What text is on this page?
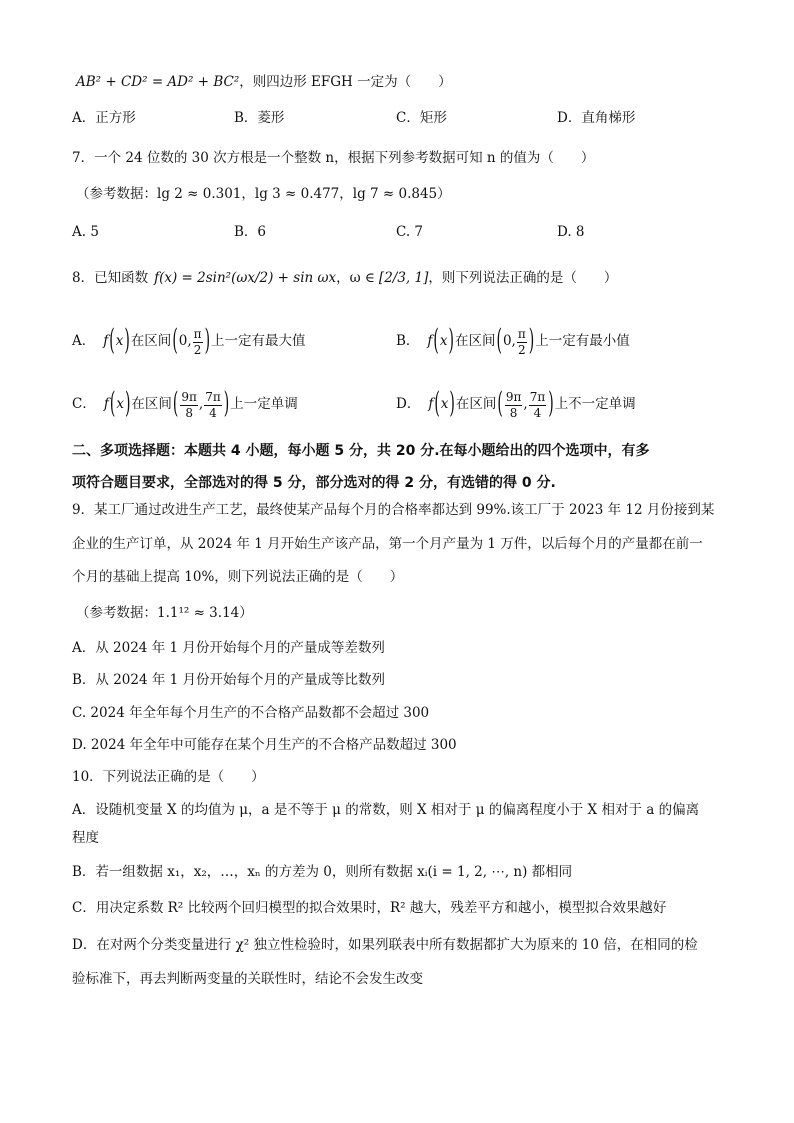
AB² + CD² = AD² + BC²，则四边形 EFGH 一定为（　　）
A．正方形	B．菱形	C．矩形	D．直角梯形
7．一个 24 位数的 30 次方根是一个整数 n，根据下列参考数据可知 n 的值为（　　）
（参考数据：lg 2 ≈ 0.301，lg 3 ≈ 0.477，lg 7 ≈ 0.845）
A. 5	B．6	C. 7	D. 8
8．已知函数 f(x) = 2sin²(ωx/2) + sin ωx ，ω ∈ [2/3, 1] ，则下列说法正确的是（　　）
A． f ( x ) 在区间 ( 0, $\frac{\pi}{2}$ ) 上一定有最大值	B． f ( x ) 在区间 ( 0, $\frac{\pi}{2}$ ) 上一定有最小值
C． f ( x ) 在区间 ( $\frac{9\pi}{8}$ , $\frac{7\pi}{4}$ ) 上一定单调	D． f ( x ) 在区间 ( $\frac{9\pi}{8}$ , $\frac{7\pi}{4}$ ) 上不一定单调
二、多项选择题：本题共 4 小题，每小题 5 分，共 20 分.在每小题给出的四个选项中，有多
项符合题目要求，全部选对的得 5 分，部分选对的得 2 分，有选错的得 0 分.
9．某工厂通过改进生产工艺，最终使某产品每个月的合格率都达到 99%.该工厂于 2023 年 12 月份接到某
企业的生产订单，从 2024 年 1 月开始生产该产品，第一个月产量为 1 万件，以后每个月的产量都在前一
个月的基础上提高 10%，则下列说法正确的是（　　）
（参考数据：1.1¹² ≈ 3.14）
A．从 2024 年 1 月份开始每个月的产量成等差数列
B．从 2024 年 1 月份开始每个月的产量成等比数列
C. 2024 年全年每个月生产的不合格产品数都不会超过 300
D. 2024 年全年中可能存在某个月生产的不合格产品数超过 300
10．下列说法正确的是（　　）
A．设随机变量 X 的均值为 μ，a 是不等于 μ 的常数，则 X 相对于 μ 的偏离程度小于 X 相对于 a 的偏离
程度
B．若一组数据 x₁，x₂，…，xₙ 的方差为 0，则所有数据 xᵢ(i = 1, 2, ⋯, n) 都相同
C．用决定系数 R² 比较两个回归模型的拟合效果时，R² 越大，残差平方和越小，模型拟合效果越好
D．在对两个分类变量进行 χ² 独立性检验时，如果列联表中所有数据都扩大为原来的 10 倍，在相同的检
验标准下，再去判断两变量的关联性时，结论不会发生改变
